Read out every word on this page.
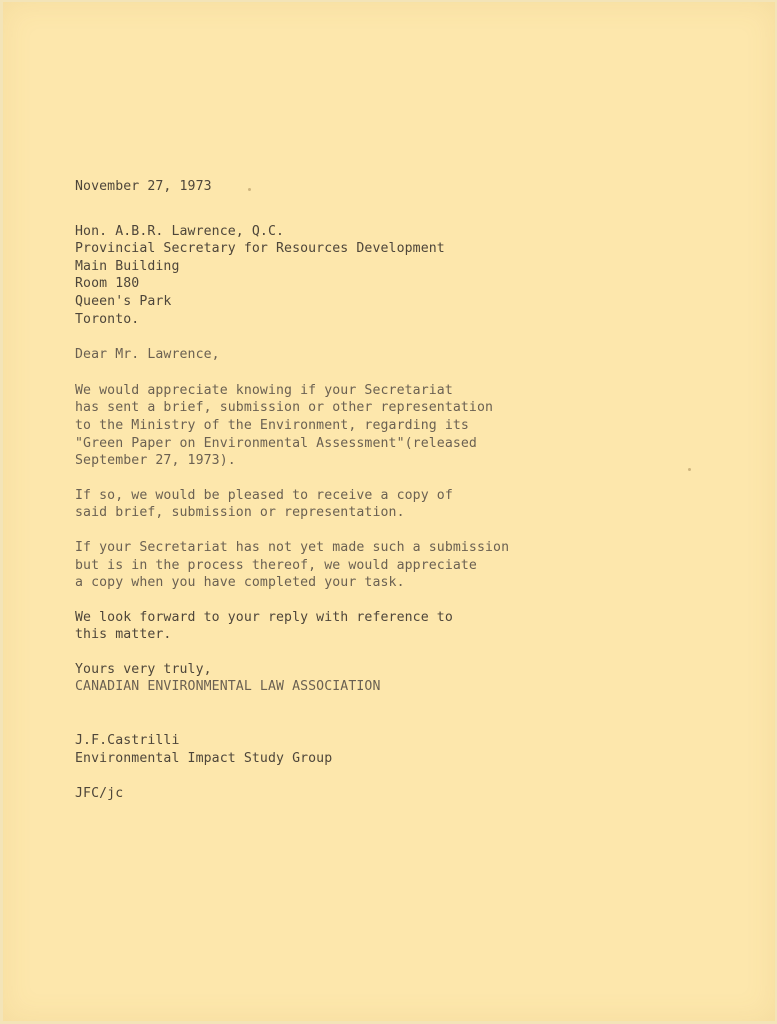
November 27, 1973
Hon. A.B.R. Lawrence, Q.C.
Provincial Secretary for Resources Development
Main Building
Room 180
Queen's Park
Toronto.
Dear Mr. Lawrence,
We would appreciate knowing if your Secretariat
has sent a brief, submission or other representation
to the Ministry of the Environment, regarding its
"Green Paper on Environmental Assessment"(released
September 27, 1973).
If so, we would be pleased to receive a copy of
said brief, submission or representation.
If your Secretariat has not yet made such a submission
but is in the process thereof, we would appreciate
a copy when you have completed your task.
We look forward to your reply with reference to
this matter.
Yours very truly,
CANADIAN ENVIRONMENTAL LAW ASSOCIATION
J.F.Castrilli
Environmental Impact Study Group
JFC/jc
